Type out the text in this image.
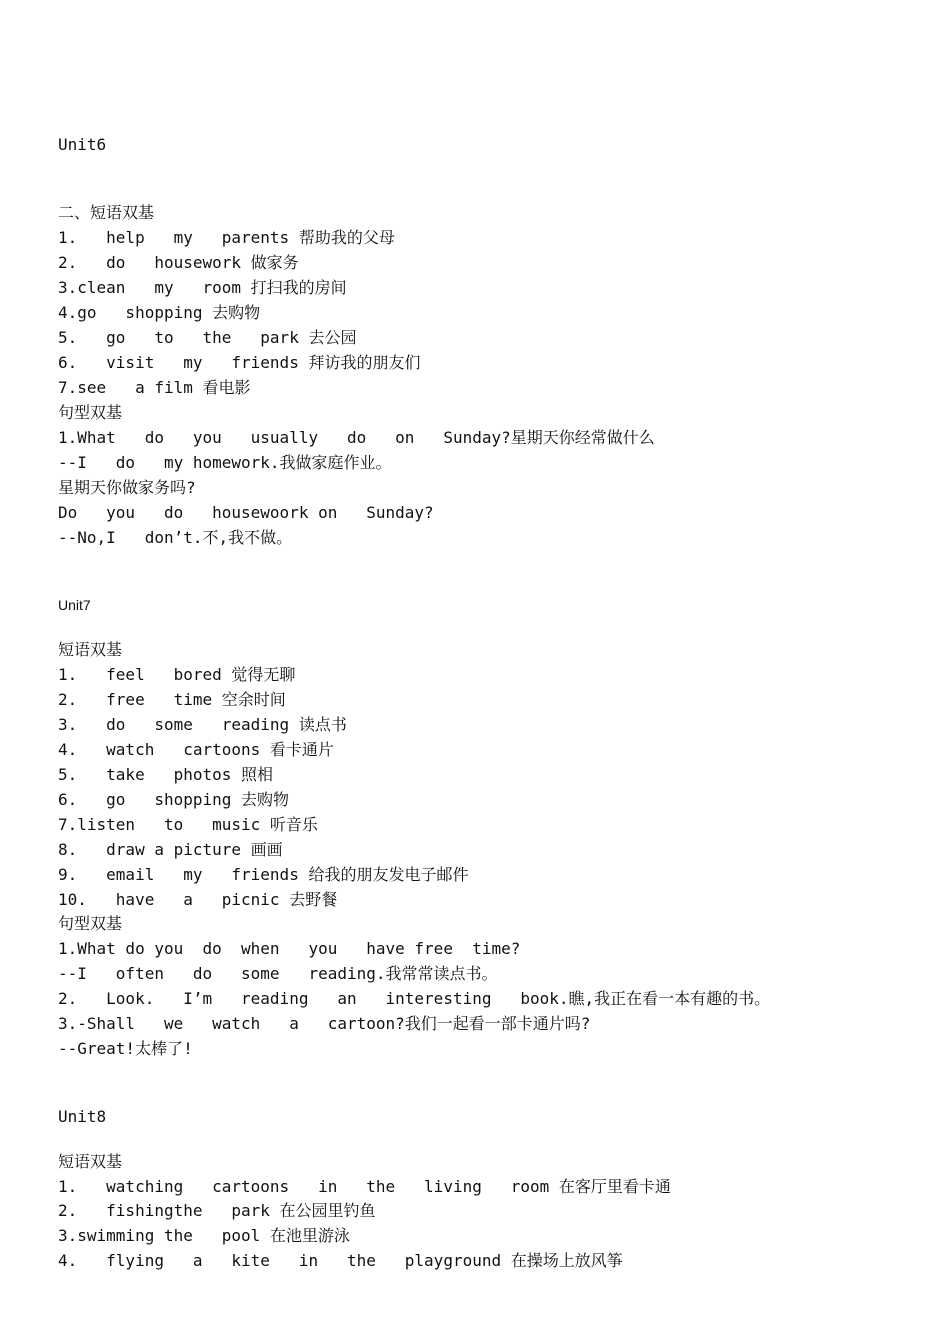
Unit6
二、短语双基
1.   help   my   parents 帮助我的父母
2.   do   housework 做家务
3.clean   my   room 打扫我的房间
4.go   shopping 去购物
5.   go   to   the   park 去公园
6.   visit   my   friends 拜访我的朋友们
7.see   a film 看电影
句型双基
1.What   do   you   usually   do   on   Sunday?星期天你经常做什么
--I   do   my homework.我做家庭作业。
星期天你做家务吗?
Do   you   do   housewoork on   Sunday?
--No,I   don’t.不,我不做。
Unit7
短语双基
1.   feel   bored 觉得无聊
2.   free   time 空余时间
3.   do   some   reading 读点书
4.   watch   cartoons 看卡通片
5.   take   photos 照相
6.   go   shopping 去购物
7.listen   to   music 听音乐
8.   draw a picture 画画
9.   email   my   friends 给我的朋友发电子邮件
10.   have   a   picnic 去野餐
句型双基
1.What do you  do  when   you   have free  time?
--I   often   do   some   reading.我常常读点书。
2.   Look.   I’m   reading   an   interesting   book.瞧,我正在看一本有趣的书。
3.-Shall   we   watch   a   cartoon?我们一起看一部卡通片吗?
--Great!太棒了!
Unit8
短语双基
1.   watching   cartoons   in   the   living   room 在客厅里看卡通
2.   fishingthe   park 在公园里钓鱼
3.swimming the   pool 在池里游泳
4.   flying   a   kite   in   the   playground 在操场上放风筝
